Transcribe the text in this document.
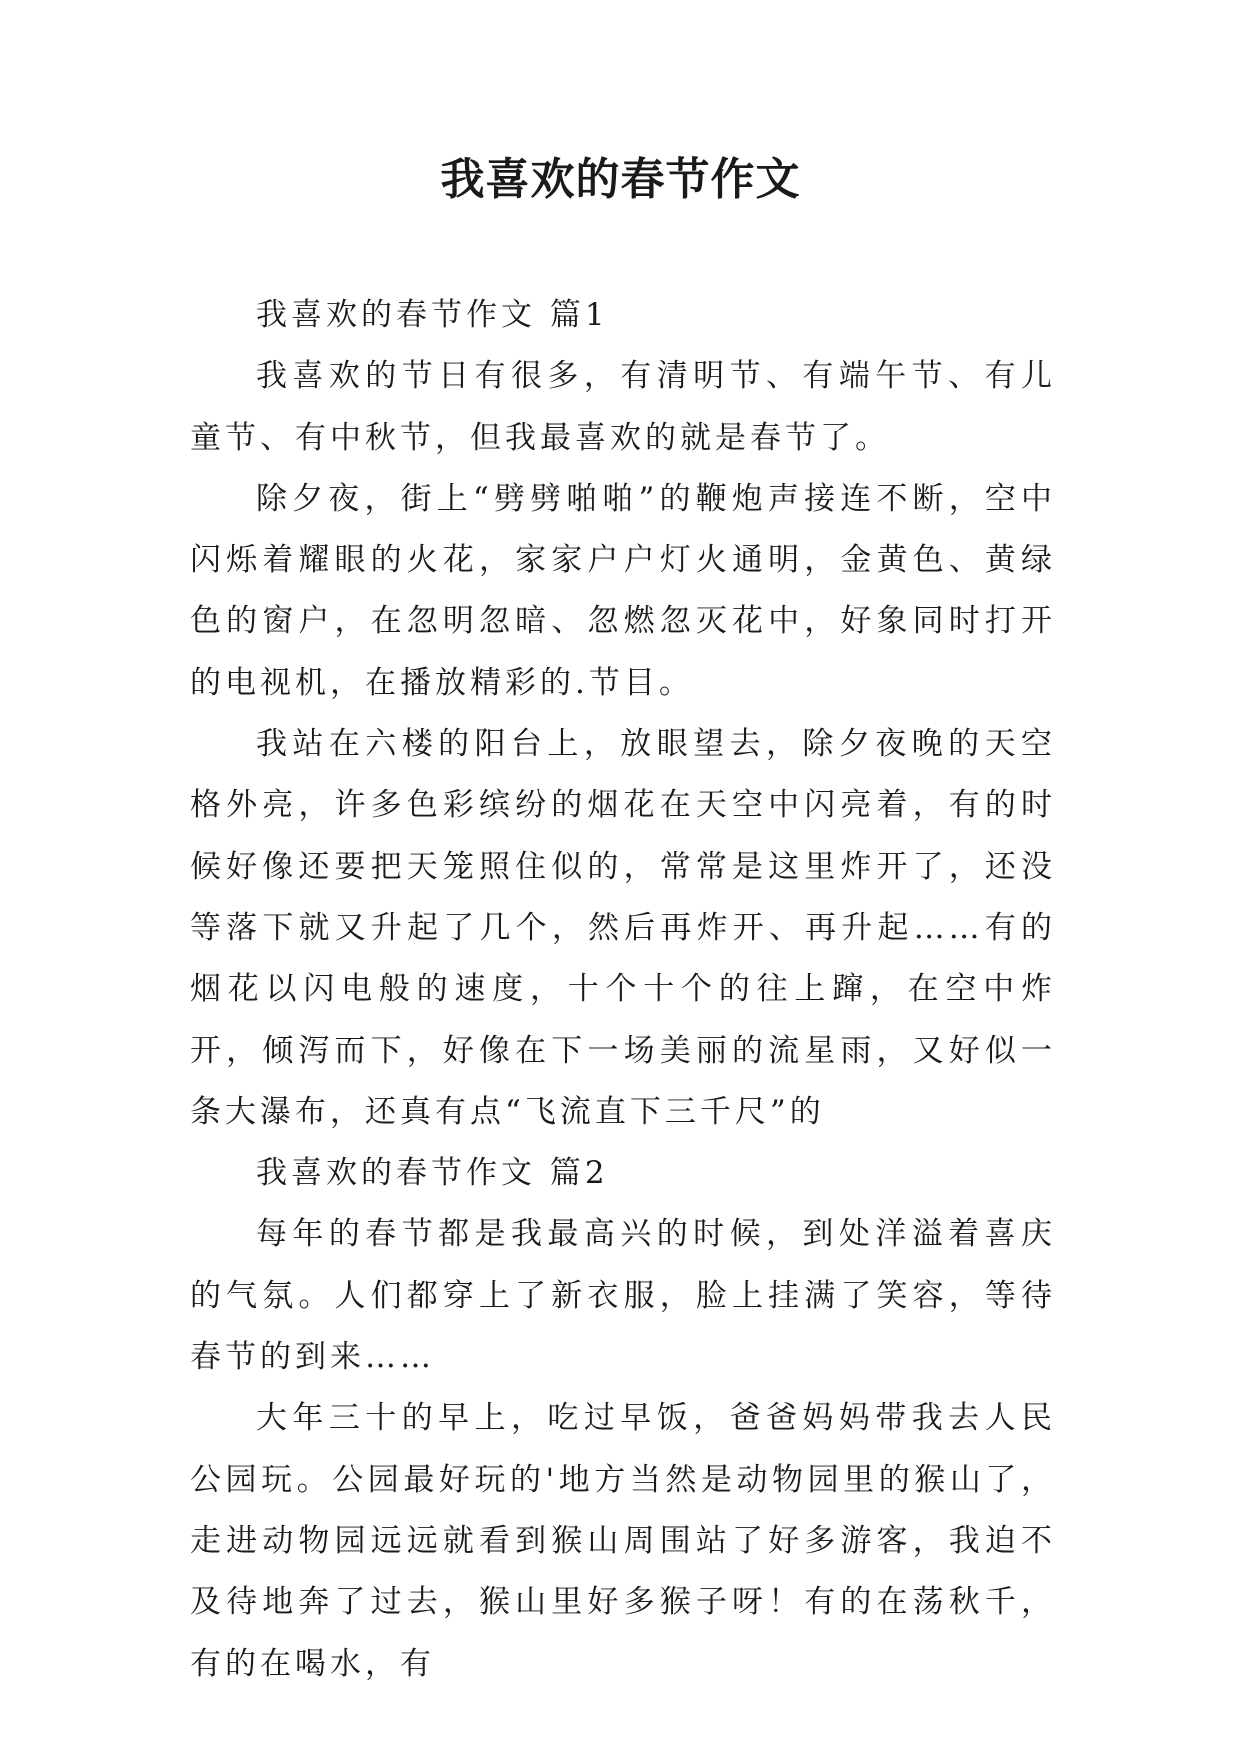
我喜欢的春节作文

我喜欢的春节作文 篇1

我喜欢的节日有很多，有清明节、有端午节、有儿童节、有中秋节，但我最喜欢的就是春节了。

除夕夜，街上“劈劈啪啪”的鞭炮声接连不断，空中闪烁着耀眼的火花，家家户户灯火通明，金黄色、黄绿色的窗户，在忽明忽暗、忽燃忽灭花中，好象同时打开的电视机，在播放精彩的.节目。

我站在六楼的阳台上，放眼望去，除夕夜晚的天空格外亮，许多色彩缤纷的烟花在天空中闪亮着，有的时候好像还要把天笼照住似的，常常是这里炸开了，还没等落下就又升起了几个，然后再炸开、再升起……有的烟花以闪电般的速度，十个十个的往上蹿，在空中炸开，倾泻而下，好像在下一场美丽的流星雨，又好似一条大瀑布，还真有点“飞流直下三千尺”的

我喜欢的春节作文 篇2

每年的春节都是我最高兴的时候，到处洋溢着喜庆的气氛。人们都穿上了新衣服，脸上挂满了笑容，等待春节的到来……

大年三十的早上，吃过早饭，爸爸妈妈带我去人民公园玩。公园最好玩的'地方当然是动物园里的猴山了，走进动物园远远就看到猴山周围站了好多游客，我迫不及待地奔了过去，猴山里好多猴子呀！有的在荡秋千，有的在喝水，有
